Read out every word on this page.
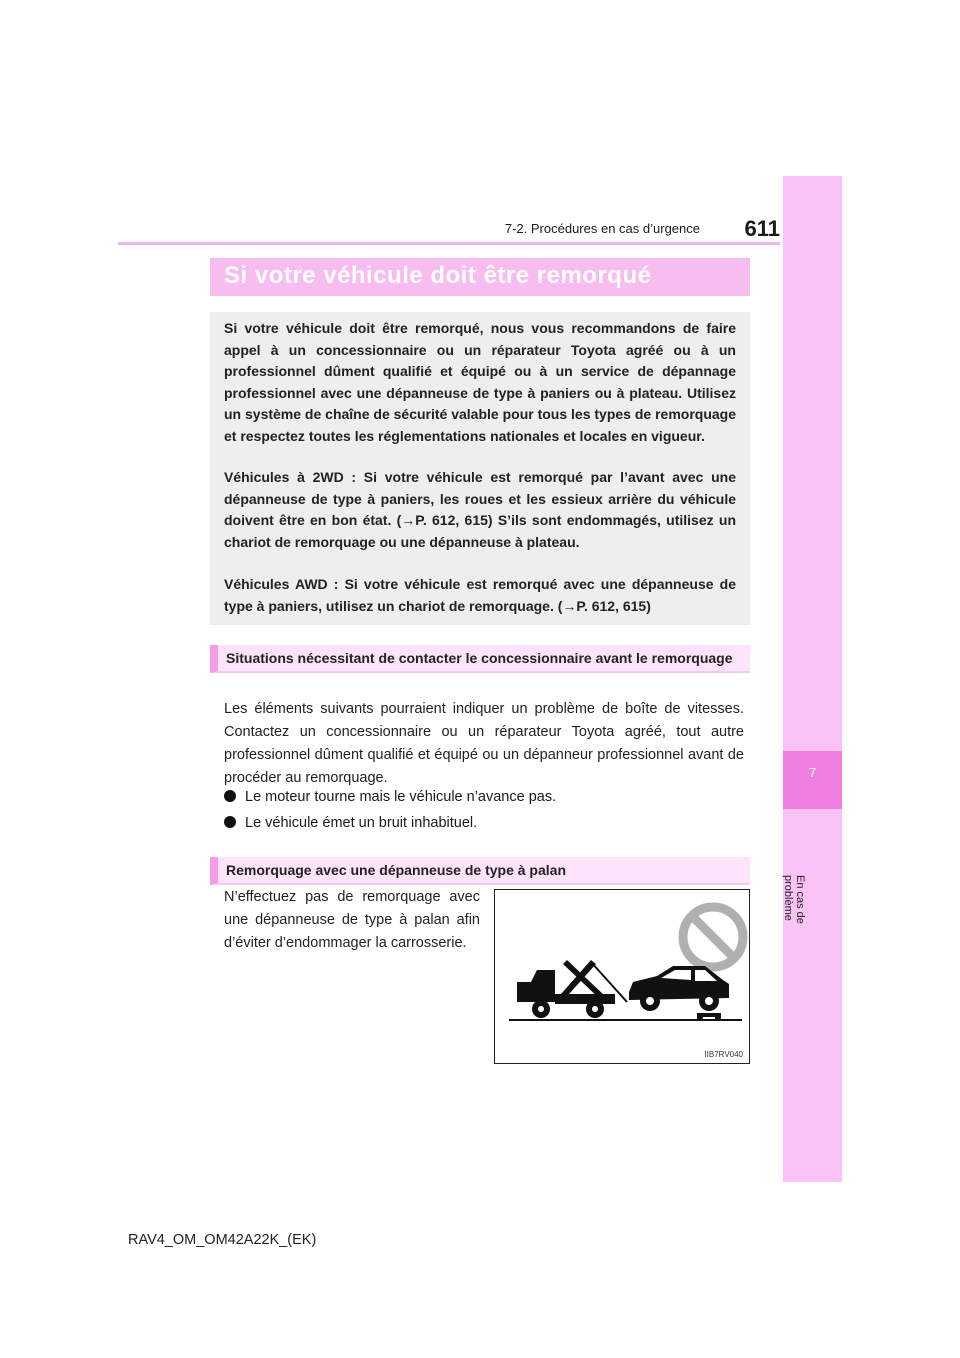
7-2. Procédures en cas d’urgence	611
7
En cas de problème
Si votre véhicule doit être remorqué

Si votre véhicule doit être remorqué, nous vous recommandons de faire appel à un concessionnaire ou un réparateur Toyota agréé ou à un professionnel dûment qualifié et équipé ou à un service de dépannage professionnel avec une dépanneuse de type à paniers ou à plateau. Utilisez un système de chaîne de sécurité valable pour tous les types de remorquage et respectez toutes les réglementations nationales et locales en vigueur.

Véhicules à 2WD : Si votre véhicule est remorqué par l’avant avec une dépanneuse de type à paniers, les roues et les essieux arrière du véhicule doivent être en bon état. (→P. 612, 615) S’ils sont endommagés, utilisez un chariot de remorquage ou une dépanneuse à plateau.

Véhicules AWD : Si votre véhicule est remorqué avec une dépanneuse de type à paniers, utilisez un chariot de remorquage. (→P. 612, 615)

Situations nécessitant de contacter le concessionnaire avant le remorquage

Les éléments suivants pourraient indiquer un problème de boîte de vitesses. Contactez un concessionnaire ou un réparateur Toyota agréé, tout autre professionnel dûment qualifié et équipé ou un dépanneur professionnel avant de procéder au remorquage.

Le moteur tourne mais le véhicule n’avance pas.
Le véhicule émet un bruit inhabituel.
Remorquage avec une dépanneuse de type à palan

N’effectuez pas de remorquage avec une dépanneuse de type à palan afin d’éviter d’endommager la carrosserie.

IIB7RV040
RAV4_OM_OM42A22K_(EK)
